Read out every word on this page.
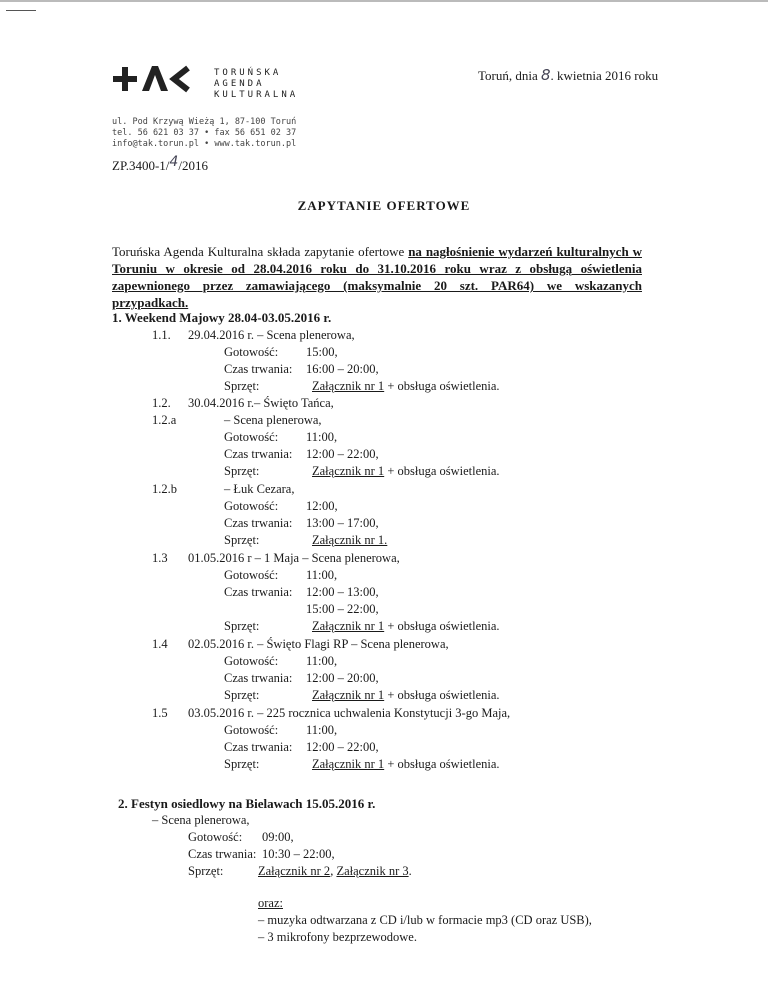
TORUŃSKA
AGENDA
KULTURALNA
ul. Pod Krzywą Wieżą 1, 87-100 Toruń
tel. 56 621 03 37 • fax 56 651 02 37
info@tak.torun.pl • www.tak.torun.pl
Toruń, dnia 8. kwietnia 2016 roku
ZP.3400-1/4/2016

ZAPYTANIE OFERTOWE
Toruńska Agenda Kulturalna składa zapytanie ofertowe na nagłośnienie wydarzeń kulturalnych w Toruniu w okresie od 28.04.2016 roku do 31.10.2016 roku wraz z obsługą oświetlenia zapewnionego przez zamawiającego (maksymalnie 20 szt. PAR64) we wskazanych przypadkach.
1. Weekend Majowy 28.04-03.05.2016 r.
1.1. 29.04.2016 r. – Scena plenerowa,
Gotowość: 15:00,
Czas trwania: 16:00 – 20:00,
Sprzęt:	Załącznik nr 1 + obsługa oświetlenia.
1.2. 30.04.2016 r.– Święto Tańca,
1.2.a	– Scena plenerowa,
Gotowość: 11:00,
Czas trwania: 12:00 – 22:00,
Sprzęt:	Załącznik nr 1 + obsługa oświetlenia.
1.2.b	– Łuk Cezara,
Gotowość: 12:00,
Czas trwania: 13:00 – 17:00,
Sprzęt:	Załącznik nr 1.
1.3 01.05.2016 r – 1 Maja – Scena plenerowa,
Gotowość: 11:00,
Czas trwania: 12:00 – 13:00,
15:00 – 22:00,
Sprzęt:	Załącznik nr 1 + obsługa oświetlenia.
1.4 02.05.2016 r. – Święto Flagi RP – Scena plenerowa,
Gotowość: 11:00,
Czas trwania: 12:00 – 20:00,
Sprzęt:	Załącznik nr 1 + obsługa oświetlenia.
1.5 03.05.2016 r. – 225 rocznica uchwalenia Konstytucji 3-go Maja,
Gotowość: 11:00,
Czas trwania: 12:00 – 22:00,
Sprzęt:	Załącznik nr 1 + obsługa oświetlenia.
2. Festyn osiedlowy na Bielawach 15.05.2016 r.
– Scena plenerowa,
Gotowość: 09:00,
Czas trwania: 10:30 – 22:00,
Sprzęt:	Załącznik nr 2, Załącznik nr 3.
oraz:
– muzyka odtwarzana z CD i/lub w formacie mp3 (CD oraz USB),
– 3 mikrofony bezprzewodowe.
